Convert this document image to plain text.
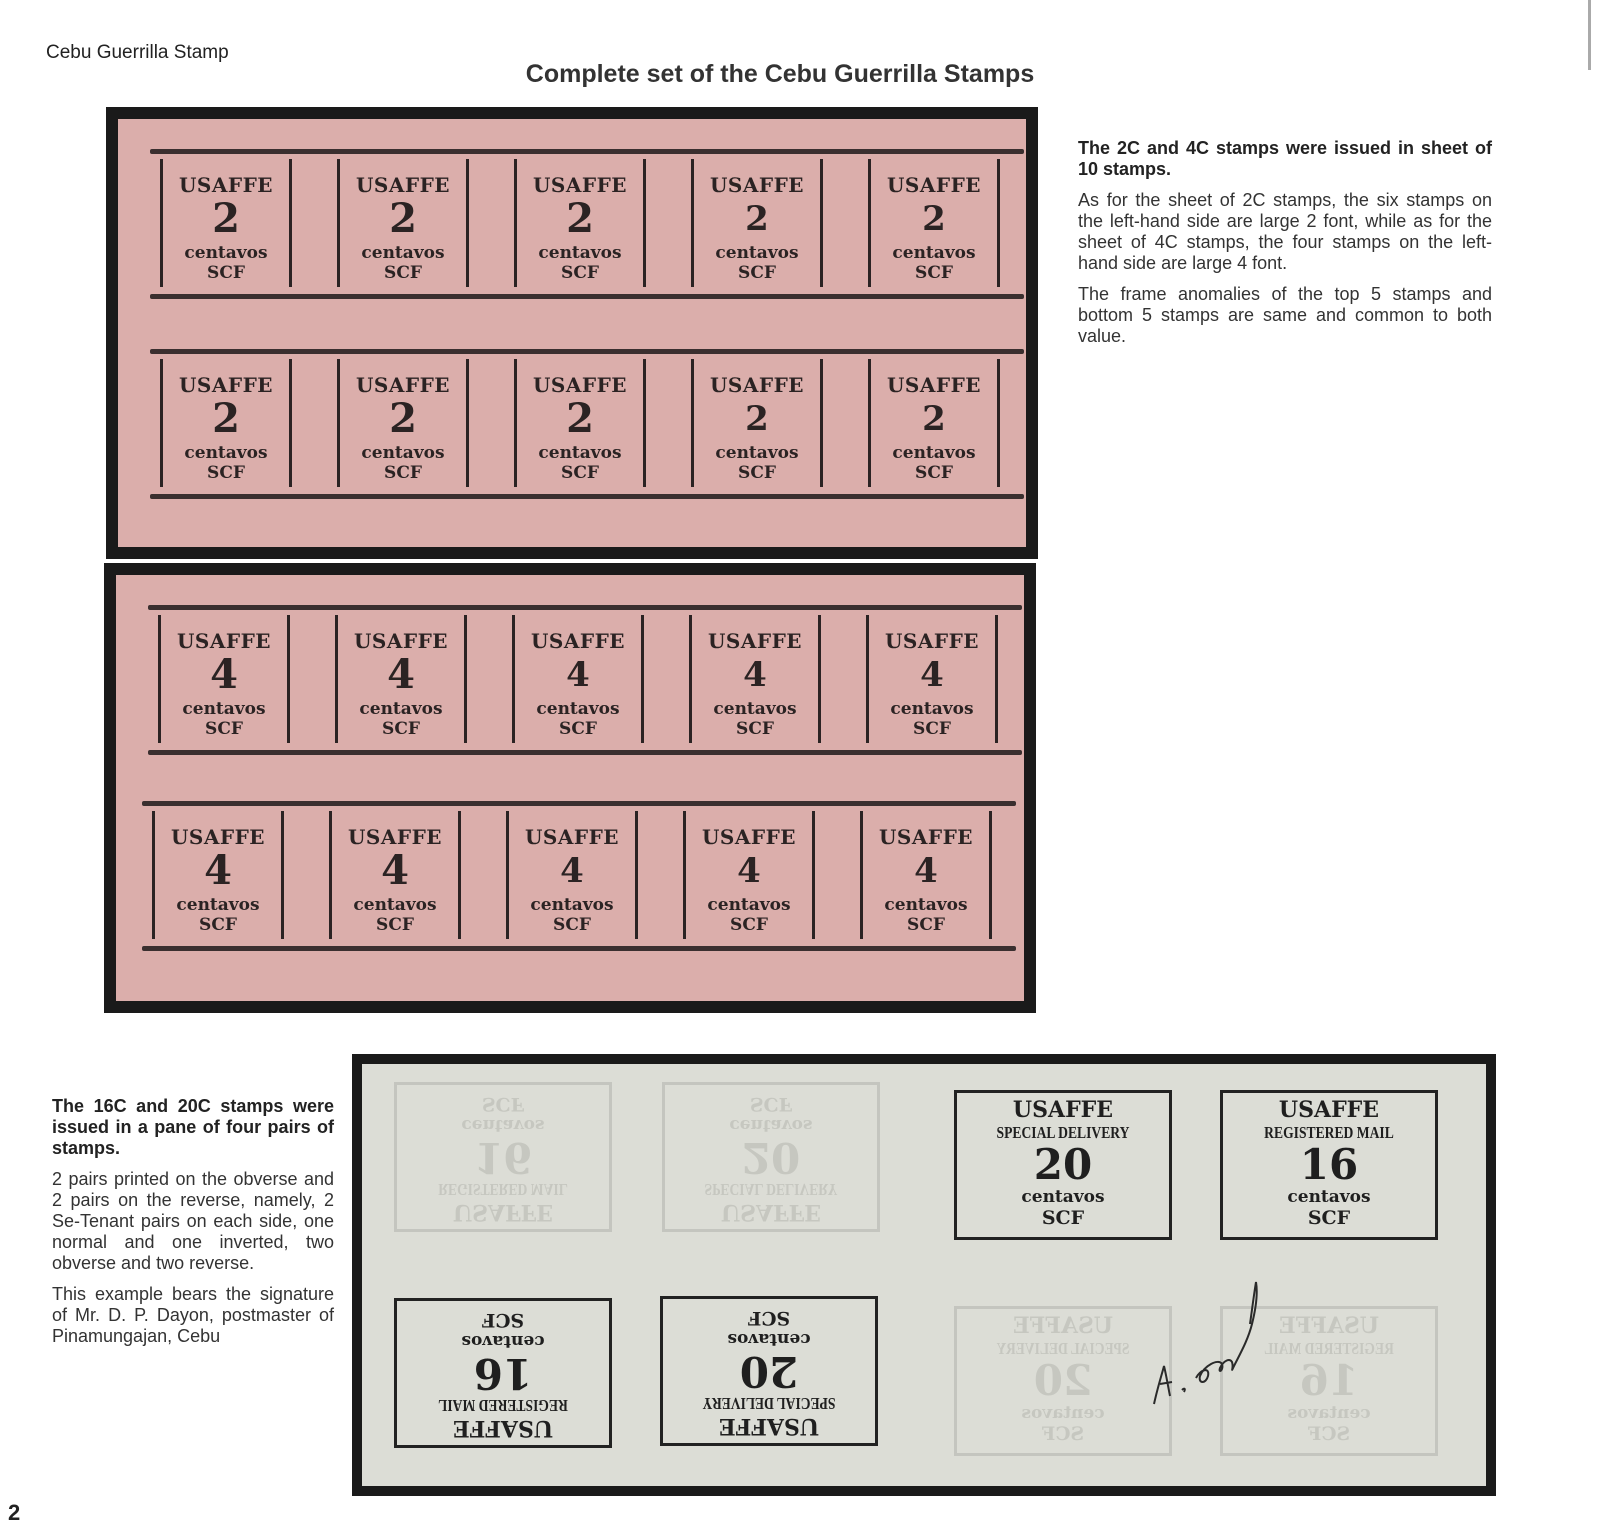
Cebu Guerrilla Stamp
Complete set of the Cebu Guerrilla Stamps
USAFFE
2
centavos
SCF
USAFFE
2
centavos
SCF
USAFFE
2
centavos
SCF
USAFFE
2
centavos
SCF
USAFFE
2
centavos
SCF
USAFFE
2
centavos
SCF
USAFFE
2
centavos
SCF
USAFFE
2
centavos
SCF
USAFFE
2
centavos
SCF
USAFFE
2
centavos
SCF
USAFFE
4
centavos
SCF
USAFFE
4
centavos
SCF
USAFFE
4
centavos
SCF
USAFFE
4
centavos
SCF
USAFFE
4
centavos
SCF
USAFFE
4
centavos
SCF
USAFFE
4
centavos
SCF
USAFFE
4
centavos
SCF
USAFFE
4
centavos
SCF
USAFFE
4
centavos
SCF

The 2C and 4C stamps were issued in sheet of 10 stamps.

As for the sheet of 2C stamps, the six stamps on the left-hand side are large 2 font, while as for the sheet of 4C stamps, the four stamps on the left-hand side are large 4 font.

The frame anomalies of the top 5 stamps and bottom 5 stamps are same and common to both value.

The 16C and 20C stamps were issued in a pane of four pairs of stamps.

2 pairs printed on the obverse and 2 pairs on the reverse, namely, 2 Se-Tenant pairs on each side, one normal and one inverted, two obverse and two reverse.

This example bears the signature of Mr. D. P. Dayon, postmaster of Pinamungajan, Cebu

USAFFE
REGISTERED MAIL
16
centavos
SCF
USAFFE
SPECIAL DELIVERY
20
centavos
SCF
USAFFE
SPECIAL DELIVERY
20
centavos
SCF
USAFFE
REGISTERED MAIL
16
centavos
SCF
USAFFE
SPECIAL DELIVERY
20
centavos
SCF
USAFFE
REGISTERED MAIL
16
centavos
SCF
USAFFE
REGISTERED MAIL
16
centavos
SCF
USAFFE
SPECIAL DELIVERY
20
centavos
SCF
2
